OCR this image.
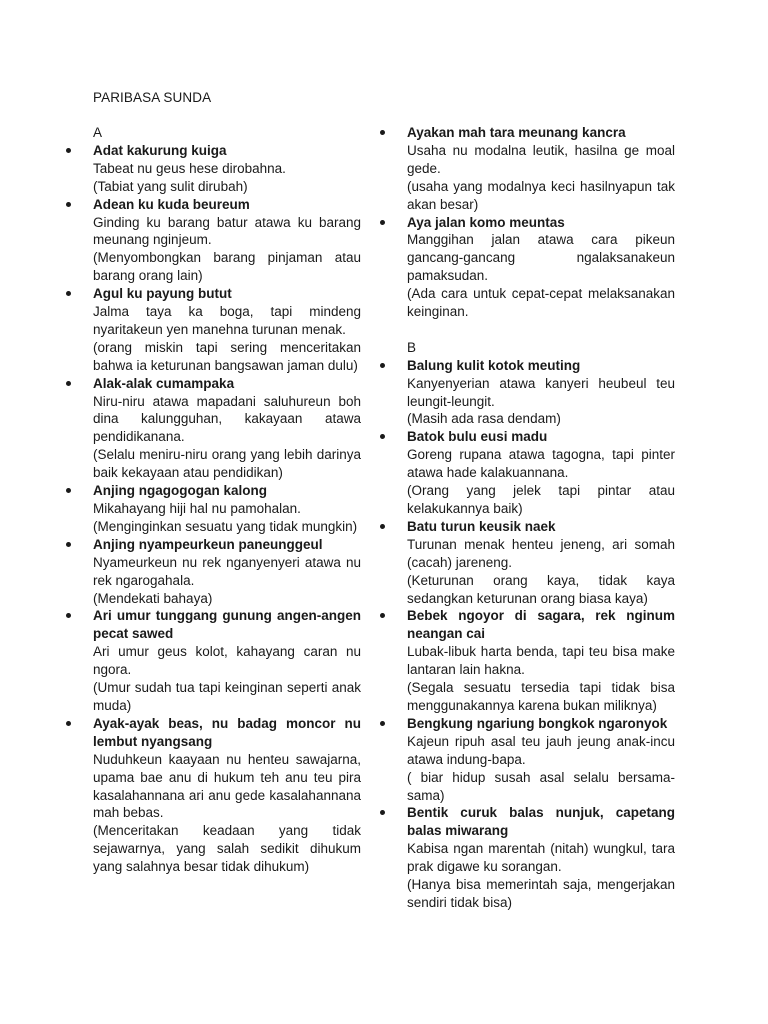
PARIBASA SUNDA
A
Adat kakurung kuiga
Tabeat nu geus hese dirobahna.
(Tabiat yang sulit dirubah)
Adean ku kuda beureum
Ginding ku barang batur atawa ku barang meunang nginjeum.
(Menyombongkan barang pinjaman atau barang orang lain)
Agul ku payung butut
Jalma taya ka boga, tapi mindeng nyaritakeun yen manehna turunan menak.
(orang miskin tapi sering menceritakan bahwa ia keturunan bangsawan jaman dulu)
Alak-alak cumampaka
Niru-niru atawa mapadani saluhureun boh dina kalungguhan, kakayaan atawa pendidikanana.
(Selalu meniru-niru orang yang lebih darinya baik kekayaan atau pendidikan)
Anjing ngagogogan kalong
Mikahayang hiji hal nu pamohalan.
(Menginginkan sesuatu yang tidak mungkin)
Anjing nyampeurkeun paneunggeul
Nyameurkeun nu rek nganyenyeri atawa nu rek ngarogahala.
(Mendekati bahaya)
Ari umur tunggang gunung angen-angen pecat sawed
Ari umur geus kolot, kahayang caran nu ngora.
(Umur sudah tua tapi keinginan seperti anak muda)
Ayak-ayak beas, nu badag moncor nu lembut nyangsang
Nuduhkeun kaayaan nu henteu sawajarna, upama bae anu di hukum teh anu teu pira kasalahannana ari anu gede kasalahannana mah bebas.
(Menceritakan keadaan yang tidak sejawarnya, yang salah sedikit dihukum yang salahnya besar tidak dihukum)
Ayakan mah tara meunang kancra
Usaha nu modalna leutik, hasilna ge moal gede.
(usaha yang modalnya keci hasilnyapun tak akan besar)
Aya jalan komo meuntas
Manggihan jalan atawa cara pikeun gancang-gancang ngalaksanakeun pamaksudan.
(Ada cara untuk cepat-cepat melaksanakan keinginan.
B
Balung kulit kotok meuting
Kanyenyerian atawa kanyeri heubeul teu leungit-leungit.
(Masih ada rasa dendam)
Batok bulu eusi madu
Goreng rupana atawa tagogna, tapi pinter atawa hade kalakuannana.
(Orang yang jelek tapi pintar atau kelakukannya baik)
Batu turun keusik naek
Turunan menak henteu jeneng, ari somah (cacah) jareneng.
(Keturunan orang kaya, tidak kaya sedangkan keturunan orang biasa kaya)
Bebek ngoyor di sagara, rek nginum neangan cai
Lubak-libuk harta benda, tapi teu bisa make lantaran lain hakna.
(Segala sesuatu tersedia tapi tidak bisa menggunakannya karena bukan miliknya)
Bengkung ngariung bongkok ngaronyok
Kajeun ripuh asal teu jauh jeung anak-incu atawa indung-bapa.
( biar hidup susah asal selalu bersama-sama)
Bentik curuk balas nunjuk, capetang balas miwarang
Kabisa ngan marentah (nitah) wungkul, tara prak digawe ku sorangan.
(Hanya bisa memerintah saja, mengerjakan sendiri tidak bisa)
